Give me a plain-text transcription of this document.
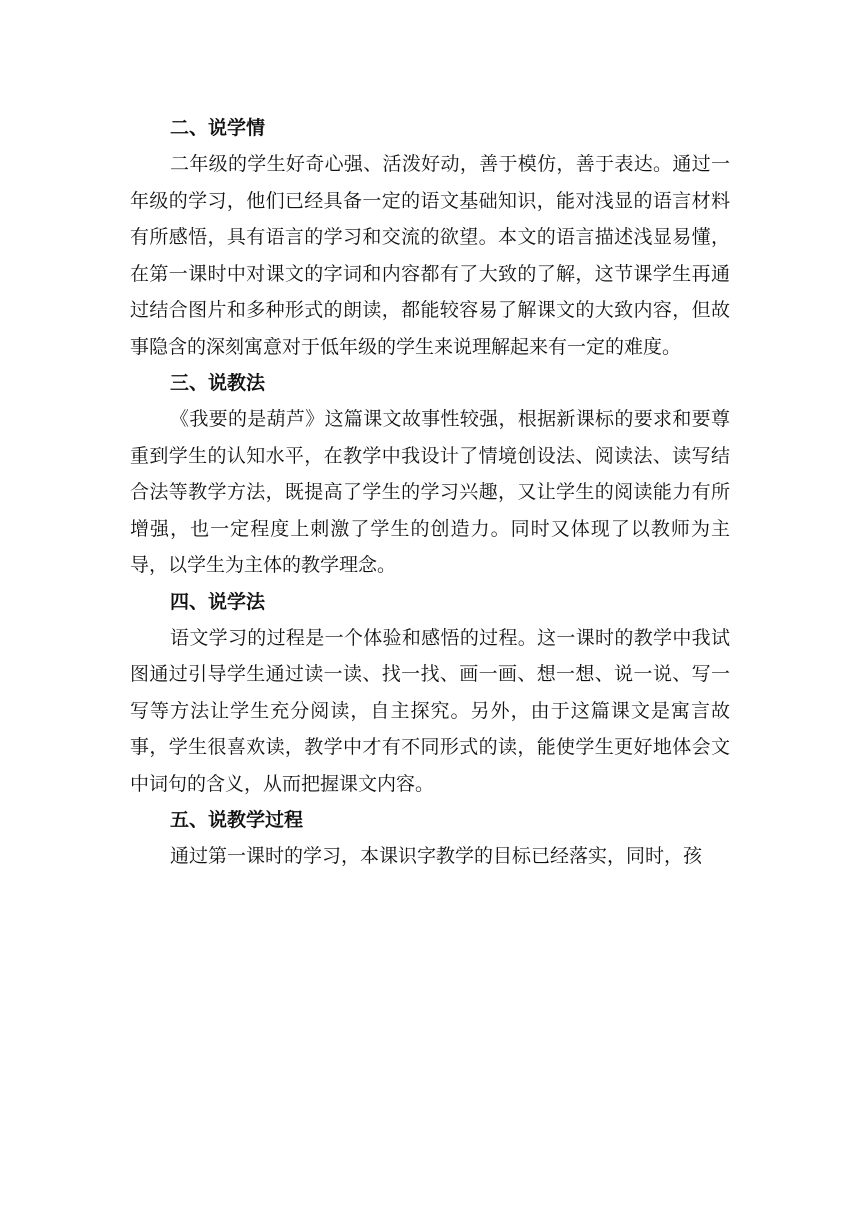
二、说学情

二年级的学生好奇心强、活泼好动，善于模仿，善于表达。通过一年级的学习，他们已经具备一定的语文基础知识，能对浅显的语言材料有所感悟，具有语言的学习和交流的欲望。本文的语言描述浅显易懂，在第一课时中对课文的字词和内容都有了大致的了解，这节课学生再通过结合图片和多种形式的朗读，都能较容易了解课文的大致内容，但故事隐含的深刻寓意对于低年级的学生来说理解起来有一定的难度。

三、说教法

《我要的是葫芦》这篇课文故事性较强，根据新课标的要求和要尊重到学生的认知水平，在教学中我设计了情境创设法、阅读法、读写结合法等教学方法，既提高了学生的学习兴趣，又让学生的阅读能力有所增强，也一定程度上刺激了学生的创造力。同时又体现了以教师为主导，以学生为主体的教学理念。

四、说学法

语文学习的过程是一个体验和感悟的过程。这一课时的教学中我试图通过引导学生通过读一读、找一找、画一画、想一想、说一说、写一写等方法让学生充分阅读，自主探究。另外，由于这篇课文是寓言故事，学生很喜欢读，教学中才有不同形式的读，能使学生更好地体会文中词句的含义，从而把握课文内容。

五、说教学过程

通过第一课时的学习，本课识字教学的目标已经落实，同时，孩
